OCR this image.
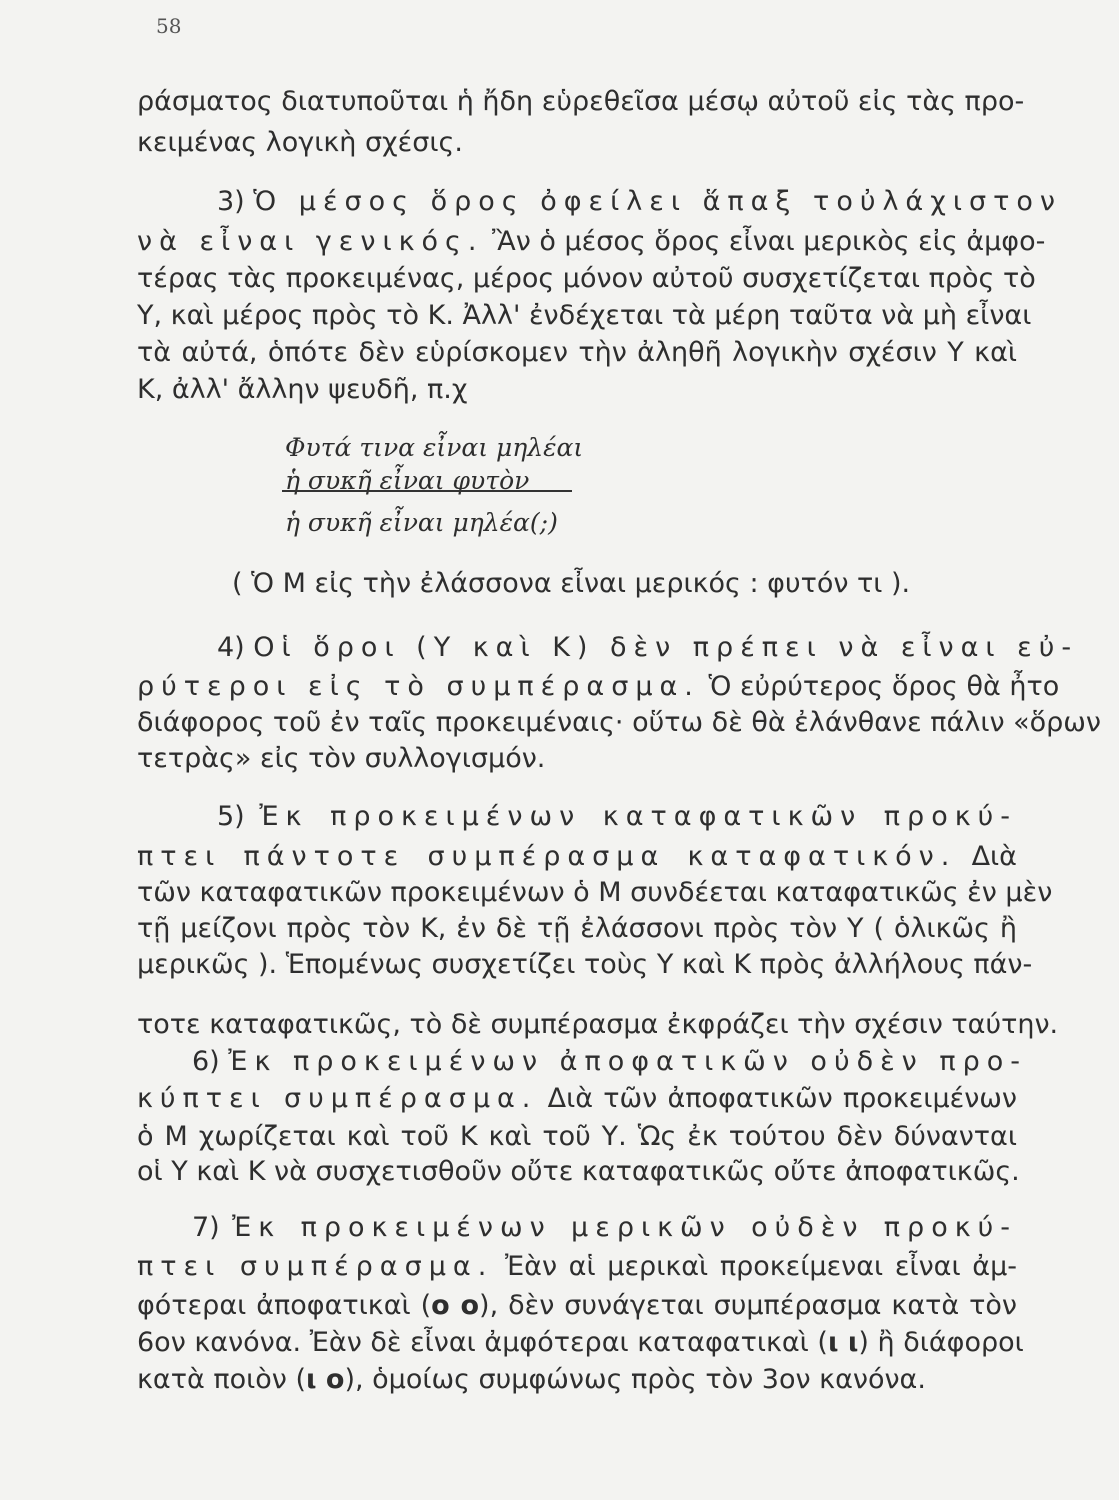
58
ράσματος διατυποῦται ἡ ἤδη εὑρεθεῖσα μέσῳ αὐτοῦ εἰς τὰς προ-
κειμένας λογικὴ σχέσις.
3) Ὁ μέσος ὅρος ὀφείλει ἅπαξ τοὐλάχιστον
νὰ εἶναι γενικός. Ἂν ὁ μέσος ὅρος εἶναι μερικὸς εἰς ἀμφο-
τέρας τὰς προκειμένας, μέρος μόνον αὐτοῦ συσχετίζεται πρὸς τὸ
Υ, καὶ μέρος πρὸς τὸ Κ. Ἀλλ' ἐνδέχεται τὰ μέρη ταῦτα νὰ μὴ εἶναι
τὰ αὐτά, ὁπότε δὲν εὑρίσκομεν τὴν ἀληθῆ λογικὴν σχέσιν Υ καὶ
Κ, ἀλλ' ἄλλην ψευδῆ, π.χ
Φυτά τινα εἶναι μηλέαι
ἡ συκῆ εἶναι φυτὸν
ἡ συκῆ εἶναι μηλέα(;)
( Ὁ Μ εἰς τὴν ἐλάσσονα εἶναι μερικός : φυτόν τι ).
4) Οἱ ὅροι (Υ καὶ Κ) δὲν πρέπει νὰ εἶναι εὐ-
ρύτεροι εἰς τὸ συμπέρασμα. Ὁ εὐρύτερος ὅρος θὰ ἦτο
διάφορος τοῦ ἐν ταῖς προκειμέναις· οὕτω δὲ θὰ ἐλάνθανε πάλιν «ὅρων
τετρὰς» εἰς τὸν συλλογισμόν.
5) Ἐκ προκειμένων καταφατικῶν προκύ-
πτει πάντοτε συμπέρασμα καταφατικόν. Διὰ
τῶν καταφατικῶν προκειμένων ὁ Μ συνδέεται καταφατικῶς ἐν μὲν
τῇ μείζονι πρὸς τὸν Κ, ἐν δὲ τῇ ἐλάσσονι πρὸς τὸν Υ ( ὁλικῶς ἢ
μερικῶς ). Ἑπομένως συσχετίζει τοὺς Υ καὶ Κ πρὸς ἀλλήλους πάν-
τοτε καταφατικῶς, τὸ δὲ συμπέρασμα ἐκφράζει τὴν σχέσιν ταύτην.
6) Ἐκ προκειμένων ἀποφατικῶν οὐδὲν προ-
κύπτει συμπέρασμα. Διὰ τῶν ἀποφατικῶν προκειμένων
ὁ Μ χωρίζεται καὶ τοῦ Κ καὶ τοῦ Υ. Ὡς ἐκ τούτου δὲν δύνανται
οἱ Υ καὶ Κ νὰ συσχετισθοῦν οὔτε καταφατικῶς οὔτε ἀποφατικῶς.
7) Ἐκ προκειμένων μερικῶν οὐδὲν προκύ-
πτει συμπέρασμα. Ἐὰν αἱ μερικαὶ προκείμεναι εἶναι ἀμ-
φότεραι ἀποφατικαὶ (ο ο), δὲν συνάγεται συμπέρασμα κατὰ τὸν
6ον κανόνα. Ἐὰν δὲ εἶναι ἀμφότεραι καταφατικαὶ (ι ι) ἢ διάφοροι
κατὰ ποιὸν (ι ο), ὁμοίως συμφώνως πρὸς τὸν 3ον κανόνα.
